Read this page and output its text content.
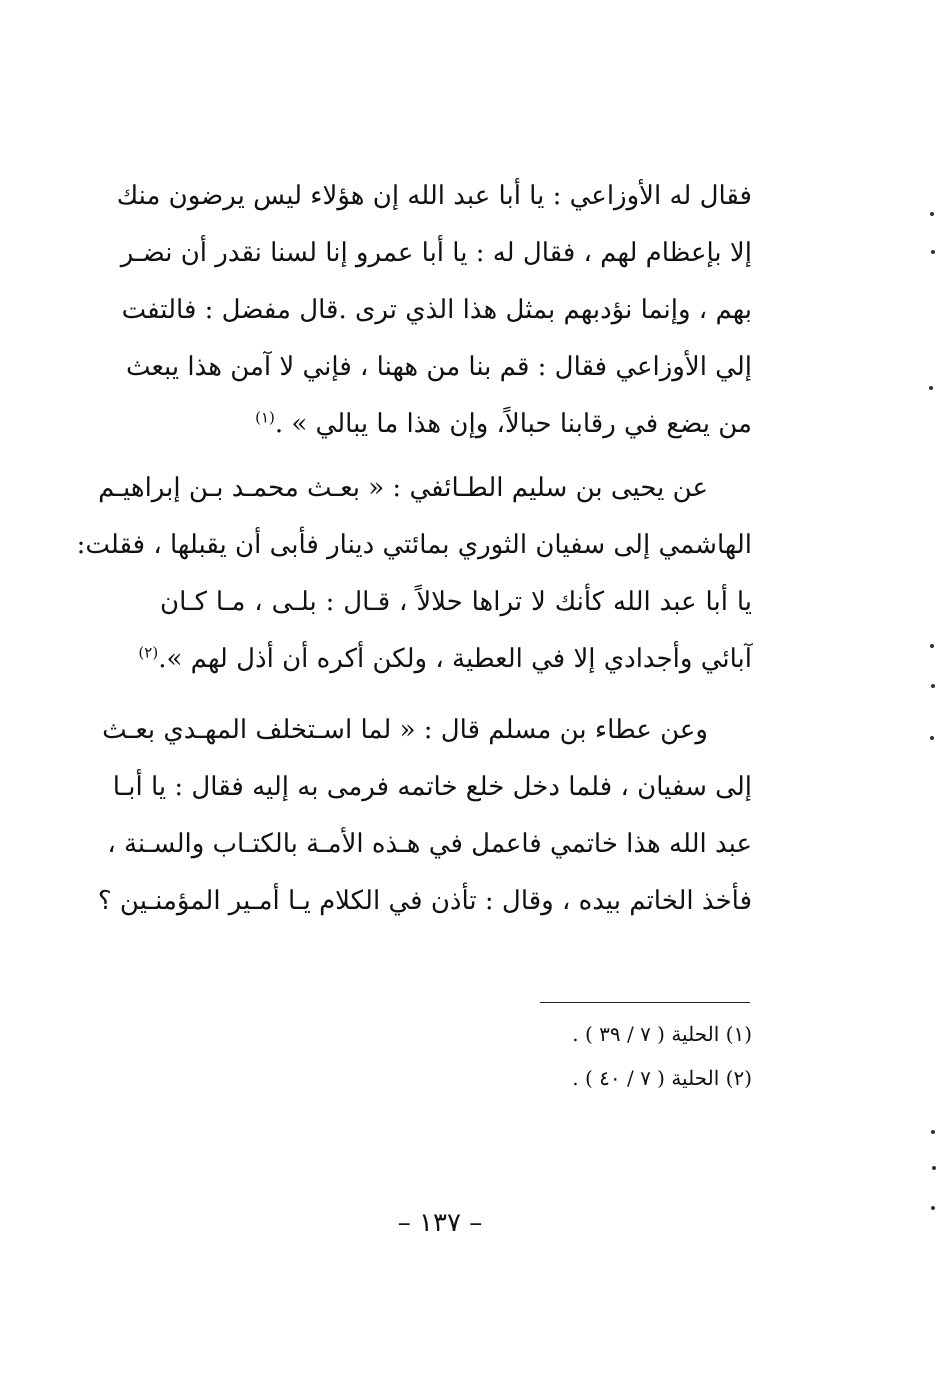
فقال له الأوزاعي : يا أبا عبد الله إن هؤلاء ليس يرضون منك
إلا بإعظام لهم ، فقال له : يا أبا عمرو إنا لسنا نقدر أن نضـر
بهم ، وإنما نؤدبهم بمثل هذا الذي ترى .قال مفضل : فالتفت
إلي الأوزاعي فقال : قم بنا من ههنا ، فإني لا آمن هذا يبعث
من يضع في رقابنا حبالاً، وإن هذا ما يبالي » .$^{(١)}$
عن يحيى بن سليم الطـائفي : « بعـث محمـد بـن إبراهيـم
الهاشمي إلى سفيان الثوري بمائتي دينار فأبى أن يقبلها ، فقلت:
يا أبا عبد الله كأنك لا تراها حلالاً ، قـال : بلـى ، مـا كـان
آبائي وأجدادي إلا في العطية ، ولكن أكره أن أذل لهم ».$^{(٢)}$
وعن عطاء بن مسلم قال : « لما اسـتخلف المهـدي بعـث
إلى سفيان ، فلما دخل خلع خاتمه فرمى به إليه فقال : يا أبـا
عبد الله هذا خاتمي فاعمل في هـذه الأمـة بالكتـاب والسـنة ،
فأخذ الخاتم بيده ، وقال : تأذن في الكلام يـا أمـير المؤمنـين ؟
(١) الحلية ( ٧ / ٣٩ ) .
(٢) الحلية ( ٧ / ٤٠ ) .
– ١٣٧ –
